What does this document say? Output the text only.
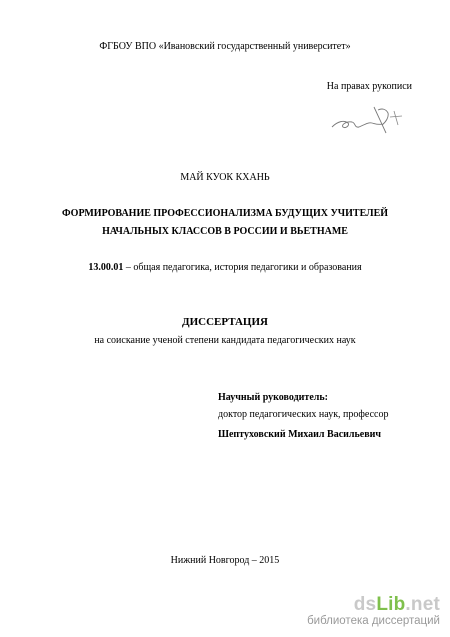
ФГБОУ ВПО «Ивановский государственный университет»
На правах рукописи
МАЙ КУОК КХАНЬ
ФОРМИРОВАНИЕ ПРОФЕССИОНАЛИЗМА БУДУЩИХ УЧИТЕЛЕЙ
НАЧАЛЬНЫХ КЛАССОВ В РОССИИ И ВЬЕТНАМЕ
13.00.01 – общая педагогика, история педагогики и образования
ДИССЕРТАЦИЯ
на соискание ученой степени кандидата педагогических наук
Научный руководитель:
доктор педагогических наук, профессор
Шептуховский Михаил Васильевич
Нижний Новгород – 2015
dsLib.net
библиотека диссертаций
